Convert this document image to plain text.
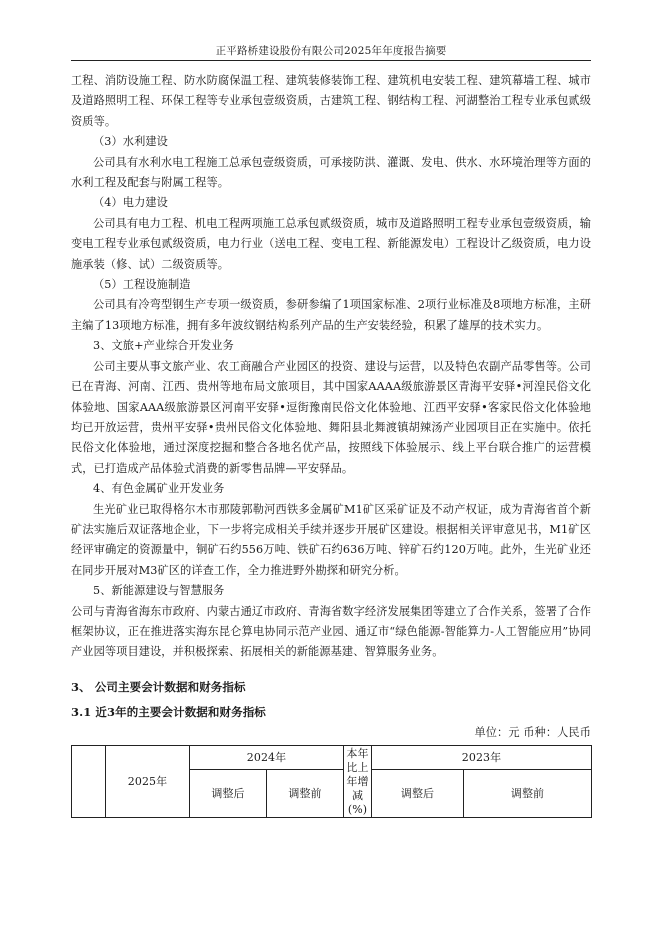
正平路桥建设股份有限公司2025年年度报告摘要

工程、消防设施工程、防水防腐保温工程、建筑装修装饰工程、建筑机电安装工程、建筑幕墙工程、城市及道路照明工程、环保工程等专业承包壹级资质，古建筑工程、钢结构工程、河湖整治工程专业承包贰级资质等。

（3）水利建设

公司具有水利水电工程施工总承包壹级资质，可承接防洪、灌溉、发电、供水、水环境治理等方面的水利工程及配套与附属工程等。

（4）电力建设

公司具有电力工程、机电工程两项施工总承包贰级资质，城市及道路照明工程专业承包壹级资质，输变电工程专业承包贰级资质，电力行业（送电工程、变电工程、新能源发电）工程设计乙级资质，电力设施承装（修、试）二级资质等。

（5）工程设施制造

公司具有冷弯型钢生产专项一级资质，参研参编了1项国家标准、2项行业标准及8项地方标准，主研主编了13项地方标准，拥有多年波纹钢结构系列产品的生产安装经验，积累了雄厚的技术实力。

3、文旅+产业综合开发业务

公司主要从事文旅产业、农工商融合产业园区的投资、建设与运营，以及特色农副产品零售等。公司已在青海、河南、江西、贵州等地布局文旅项目，其中国家AAAA级旅游景区青海平安驿•河湟民俗文化体验地、国家AAA级旅游景区河南平安驿•逗街豫南民俗文化体验地、江西平安驿•客家民俗文化体验地均已开放运营，贵州平安驿•贵州民俗文化体验地、舞阳县北舞渡镇胡辣汤产业园项目正在实施中。依托民俗文化体验地，通过深度挖掘和整合各地名优产品，按照线下体验展示、线上平台联合推广的运营模式，已打造成产品体验式消费的新零售品牌—平安驿品。

4、有色金属矿业开发业务

生光矿业已取得格尔木市那陵郭勒河西铁多金属矿M1矿区采矿证及不动产权证，成为青海省首个新矿法实施后双证落地企业，下一步将完成相关手续并逐步开展矿区建设。根据相关评审意见书，M1矿区经评审确定的资源量中，铜矿石约556万吨、铁矿石约636万吨、锌矿石约120万吨。此外，生光矿业还在同步开展对M3矿区的详查工作，全力推进野外勘探和研究分析。

5、新能源建设与智慧服务

公司与青海省海东市政府、内蒙古通辽市政府、青海省数字经济发展集团等建立了合作关系，签署了合作框架协议，正在推进落实海东昆仑算电协同示范产业园、通辽市“绿色能源-智能算力-人工智能应用”协同产业园等项目建设，并积极探索、拓展相关的新能源基建、智算服务业务。

3、 公司主要会计数据和财务指标

3.1 近3年的主要会计数据和财务指标

单位：元 币种：人民币

	2025年	2024年		本年比上年增减(%)	2023年	
		调整后	调整前		调整后	调整前
